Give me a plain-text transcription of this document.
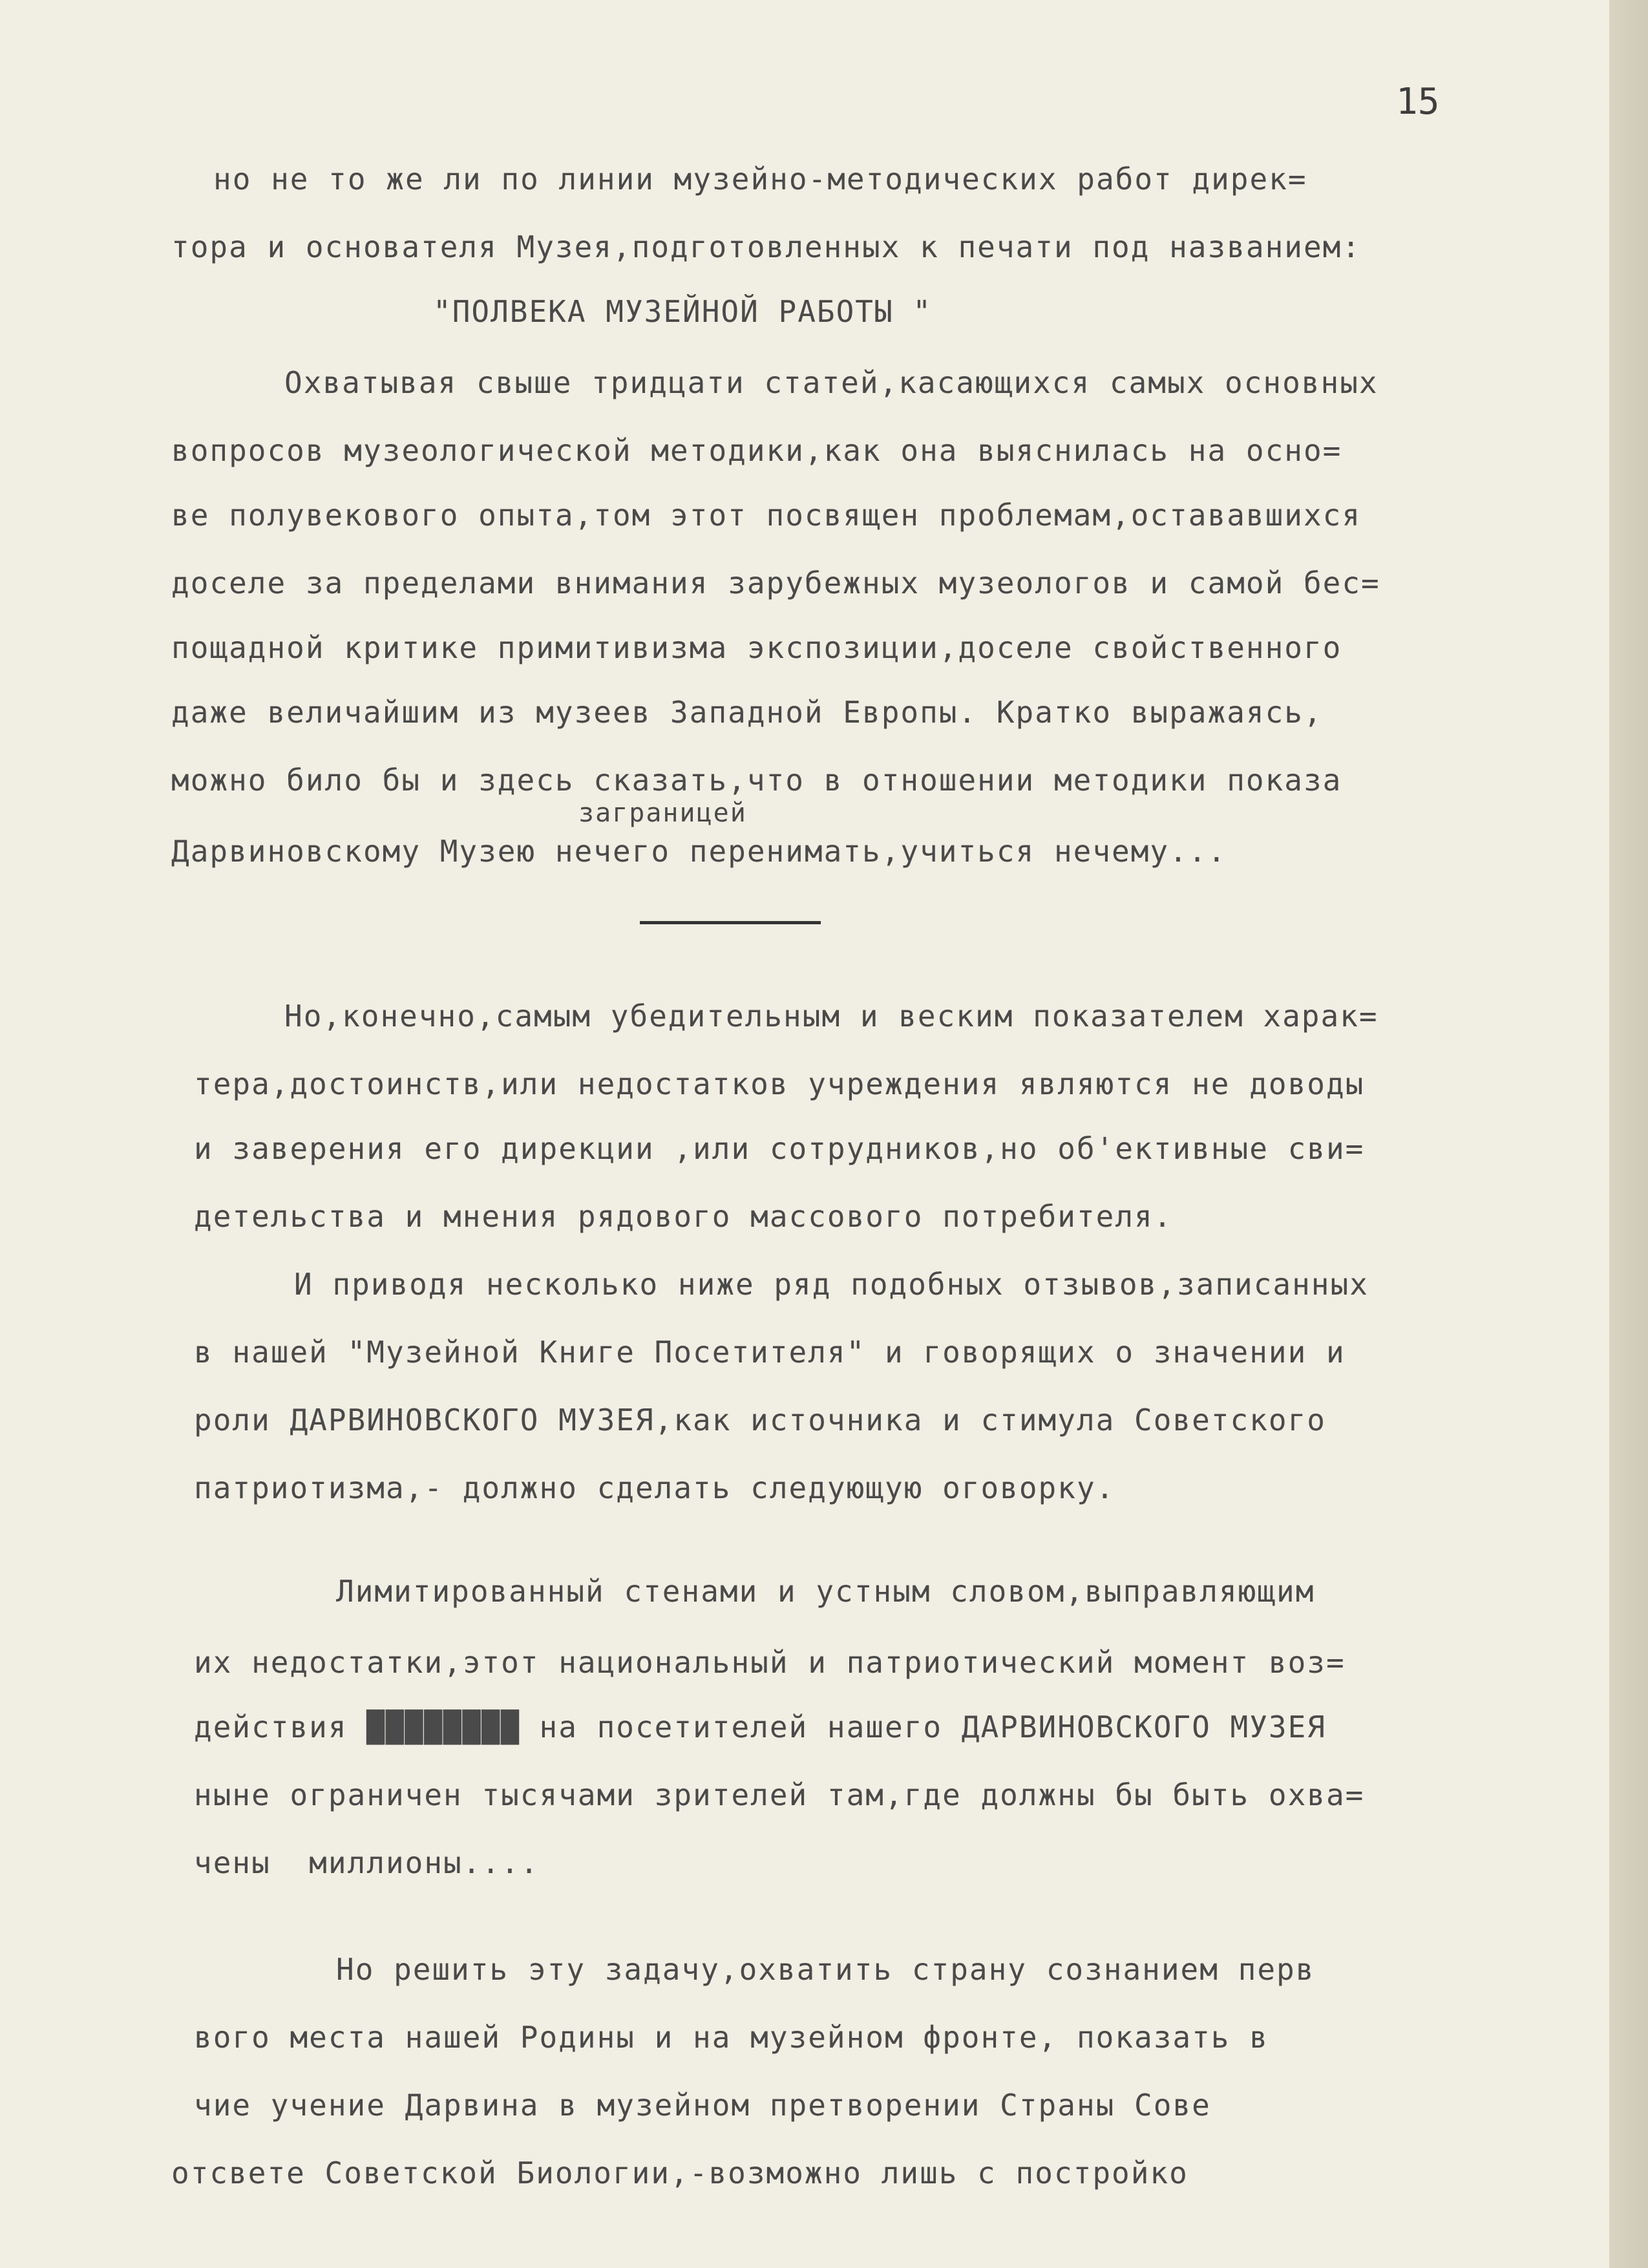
15
но не то же ли по линии музейно-методических работ дирек=
тора и основателя Музея,подготовленных к печати под названием:
"ПОЛВЕКА МУЗЕЙНОЙ РАБОТЫ "
Охватывая свыше тридцати статей,касающихся самых основных
вопросов музеологической методики,как она выяснилась на осно=
ве полувекового опыта,том этот посвящен проблемам,остававшихся
доселе за пределами внимания зарубежных музеологов и самой бес=
пощадной критике примитивизма экспозиции,доселе свойственного
даже величайшим из музеев Западной Европы. Кратко выражаясь,
можно било бы и здесь сказать,что в отношении методики показа
заграницей
Дарвиновскому Музею нечего перенимать,учиться нечему...
Но,конечно,самым убедительным и веским показателем харак=
тера,достоинств,или недостатков учреждения являются не доводы
и заверения его дирекции ,или сотрудников,но об'ективные сви=
детельства и мнения рядового массового потребителя.
И приводя несколько ниже ряд подобных отзывов,записанных
в нашей "Музейной Книге Посетителя" и говорящих о значении и
роли ДАРВИНОВСКОГО МУЗЕЯ,как источника и стимула Советского
патриотизма,- должно сделать следующую оговорку.
Лимитированный стенами и устным словом,выправляющим
их недостатки,этот национальный и патриотический момент воз=
действия ████████ на посетителей нашего ДАРВИНОВСКОГО МУЗЕЯ
ныне ограничен тысячами зрителей там,где должны бы быть охва=
чены  миллионы....
Но решить эту задачу,охватить страну сознанием перв
вого места нашей Родины и на музейном фронте, показать в
чие учение Дарвина в музейном претворении Страны Сове
отсвете Советской Биологии,-возможно лишь с постройко
